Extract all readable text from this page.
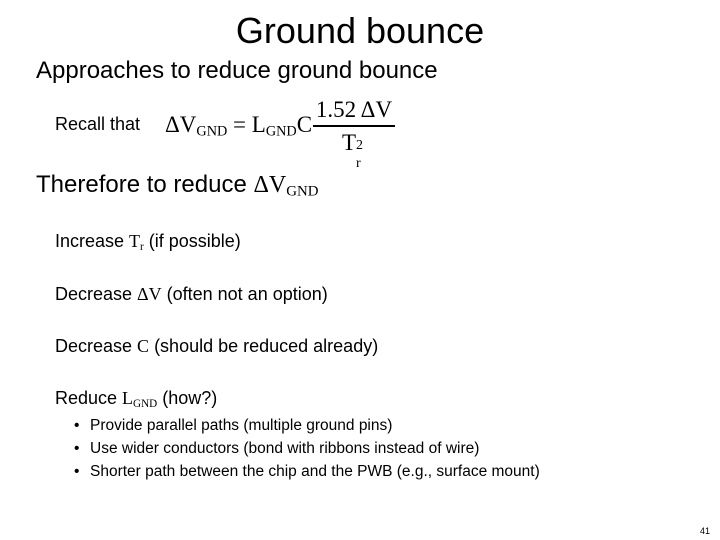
Ground bounce
Approaches to reduce ground bounce
Recall that $\Delta V_{GND} = L_{GND}C$
1.52 ΔV
T 2
r
Therefore to reduce $\Delta V_{GND}$
Increase $T_r$ (if possible)
Decrease ΔV (often not an option)
Decrease C (should be reduced already)
Reduce $L_{GND}$ (how?)
• Provide parallel paths (multiple ground pins)
• Use wider conductors (bond with ribbons instead of wire)
• Shorter path between the chip and the PWB (e.g., surface mount)
41
